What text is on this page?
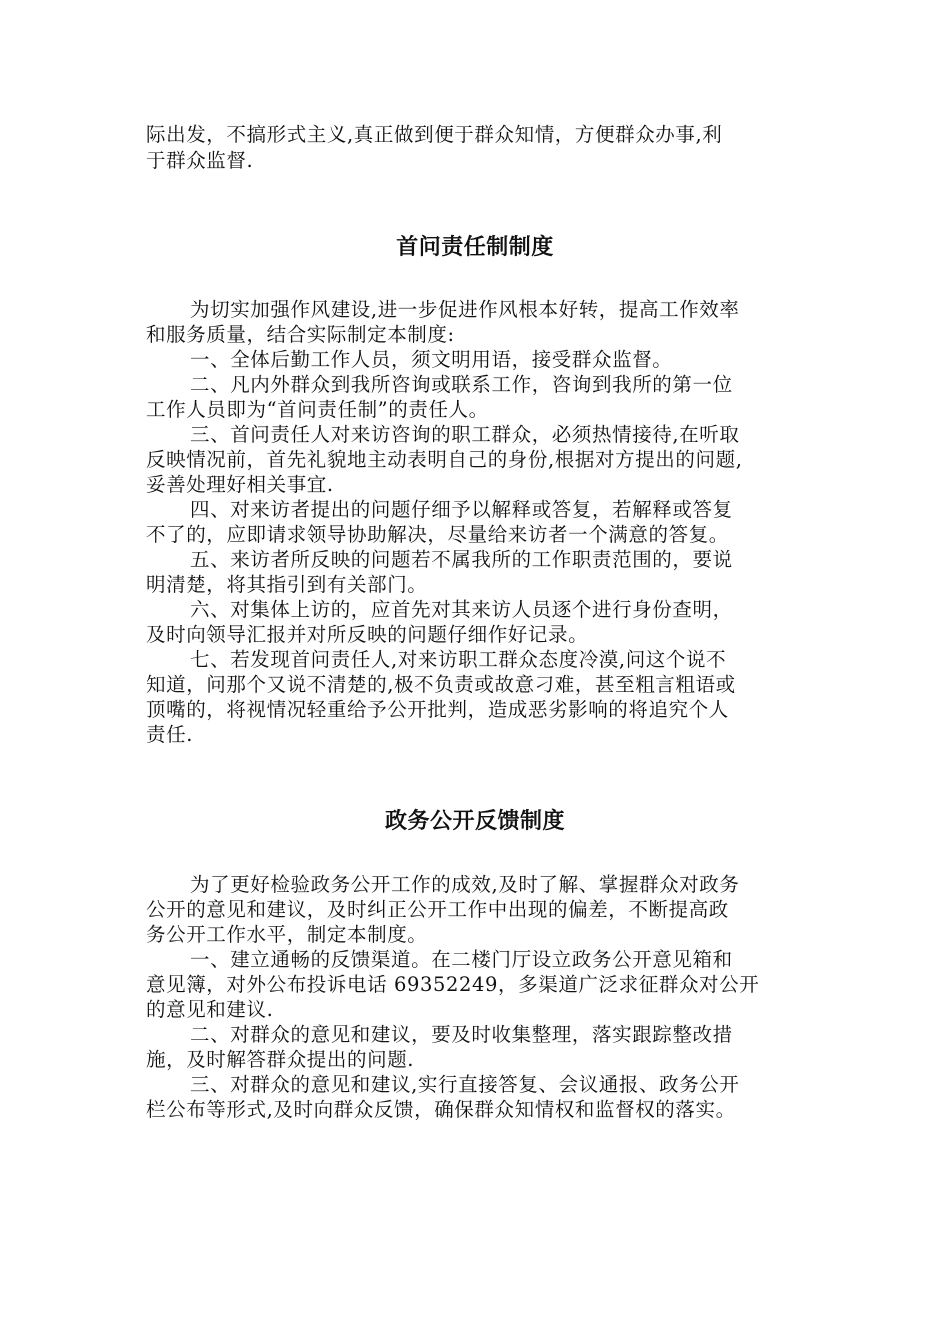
际出发，不搞形式主义,真正做到便于群众知情，方便群众办事,利
于群众监督.
首问责任制制度
为切实加强作风建设,进一步促进作风根本好转，提高工作效率
和服务质量，结合实际制定本制度:
一、全体后勤工作人员，须文明用语，接受群众监督。
二、凡内外群众到我所咨询或联系工作，咨询到我所的第一位
工作人员即为“首问责任制”的责任人。
三、首问责任人对来访咨询的职工群众，必须热情接待,在听取
反映情况前，首先礼貌地主动表明自己的身份,根据对方提出的问题,
妥善处理好相关事宜.
四、对来访者提出的问题仔细予以解释或答复，若解释或答复
不了的，应即请求领导协助解决，尽量给来访者一个满意的答复。
五、来访者所反映的问题若不属我所的工作职责范围的，要说
明清楚，将其指引到有关部门。
六、对集体上访的，应首先对其来访人员逐个进行身份查明，
及时向领导汇报并对所反映的问题仔细作好记录。
七、若发现首问责任人,对来访职工群众态度冷漠,问这个说不
知道，问那个又说不清楚的,极不负责或故意刁难，甚至粗言粗语或
顶嘴的，将视情况轻重给予公开批判，造成恶劣影响的将追究个人
责任.
政务公开反馈制度
为了更好检验政务公开工作的成效,及时了解、掌握群众对政务
公开的意见和建议，及时纠正公开工作中出现的偏差，不断提高政
务公开工作水平，制定本制度。
一、建立通畅的反馈渠道。在二楼门厅设立政务公开意见箱和
意见簿，对外公布投诉电话 69352249，多渠道广泛求征群众对公开
的意见和建议.
二、对群众的意见和建议，要及时收集整理，落实跟踪整改措
施，及时解答群众提出的问题.
三、对群众的意见和建议,实行直接答复、会议通报、政务公开
栏公布等形式,及时向群众反馈，确保群众知情权和监督权的落实。
